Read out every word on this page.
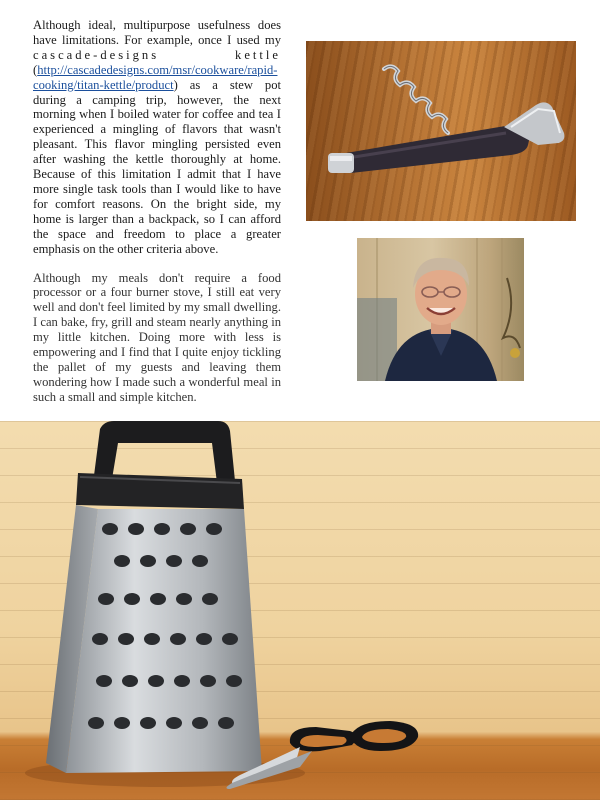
Although ideal, multipurpose usefulness does have limitations. For example, once I used my cascade-designs kettle (http://cascadedesigns.com/msr/cookware/rapid-cooking/titan-kettle/product) as a stew pot during a camping trip, however, the next morning when I boiled water for coffee and tea I experienced a mingling of flavors that wasn't pleasant. This flavor mingling persisted even after washing the kettle thoroughly at home. Because of this limitation I admit that I have more single task tools than I would like to have for comfort reasons. On the bright side, my home is larger than a backpack, so I can afford the space and freedom to place a greater emphasis on the other criteria above.

Although my meals don't require a food processor or a four burner stove, I still eat very well and don't feel limited by my small dwelling. I can bake, fry, grill and steam nearly anything in my little kitchen. Doing more with less is empowering and I find that I quite enjoy tickling the pallet of my guests and leaving them wondering how I made such a wonderful meal in such a small and simple kitchen.
